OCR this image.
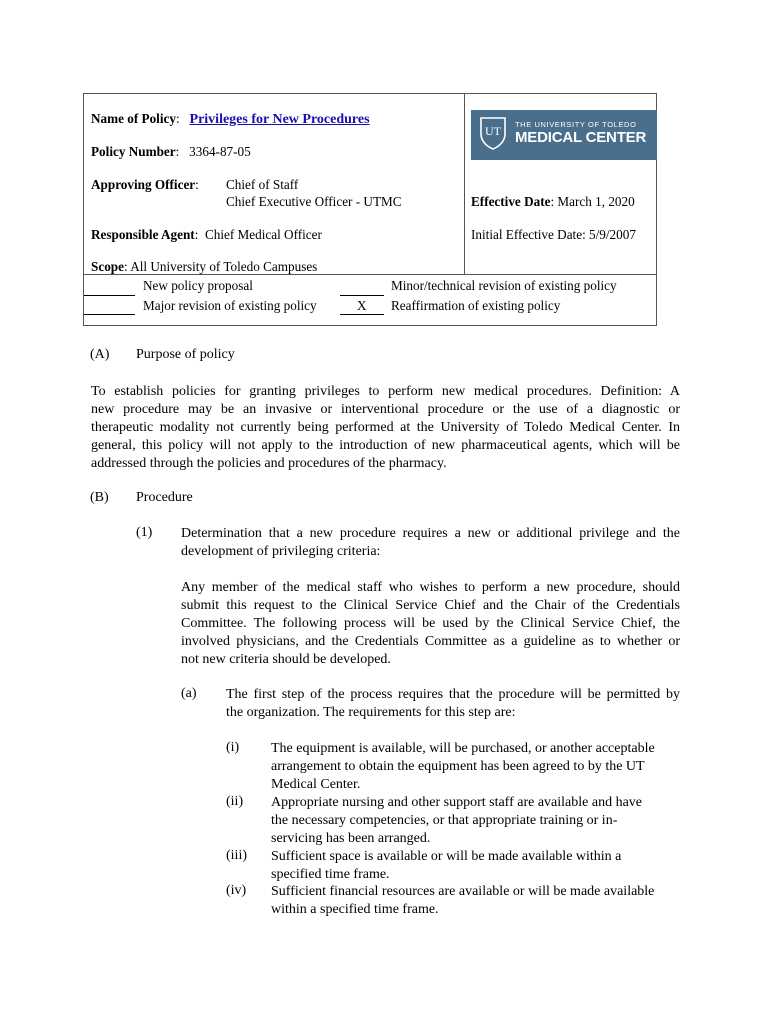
Name of Policy:   Privileges for New Procedures
Policy Number:   3364-87-05
Approving Officer: Chief of Staff
Chief Executive Officer - UTMC	Effective Date: March 1, 2020
Responsible Agent:  Chief Medical Officer	Initial Effective Date: 5/9/2007
Scope: All University of Toledo Campuses
UT THE UNIVERSITY OF TOLEDO
MEDICAL CENTER
New policy proposal
Major revision of existing policy
Minor/technical revision of existing policy
X Reaffirmation of existing policy
(A) Purpose of policy
To establish policies for granting privileges to perform new medical procedures. Definition: A
new procedure may be an invasive or interventional procedure or the use of a diagnostic or
therapeutic modality not currently being performed at the University of Toledo Medical Center. In
general, this policy will not apply to the introduction of new pharmaceutical agents, which will be
addressed through the policies and procedures of the pharmacy.
(B) Procedure
(1) Determination that a new procedure requires a new or additional privilege and the
development of privileging criteria:
Any member of the medical staff who wishes to perform a new procedure, should
submit this request to the Clinical Service Chief and the Chair of the Credentials
Committee. The following process will be used by the Clinical Service Chief, the
involved physicians, and the Credentials Committee as a guideline as to whether or
not new criteria should be developed.
(a) The first step of the process requires that the procedure will be permitted by
the organization. The requirements for this step are:
(i) The equipment is available, will be purchased, or another acceptable
arrangement to obtain the equipment has been agreed to by the UT
Medical Center.
(ii) Appropriate nursing and other support staff are available and have
the necessary competencies, or that appropriate training or in-
servicing has been arranged.
(iii) Sufficient space is available or will be made available within a
specified time frame.
(iv) Sufficient financial resources are available or will be made available
within a specified time frame.
